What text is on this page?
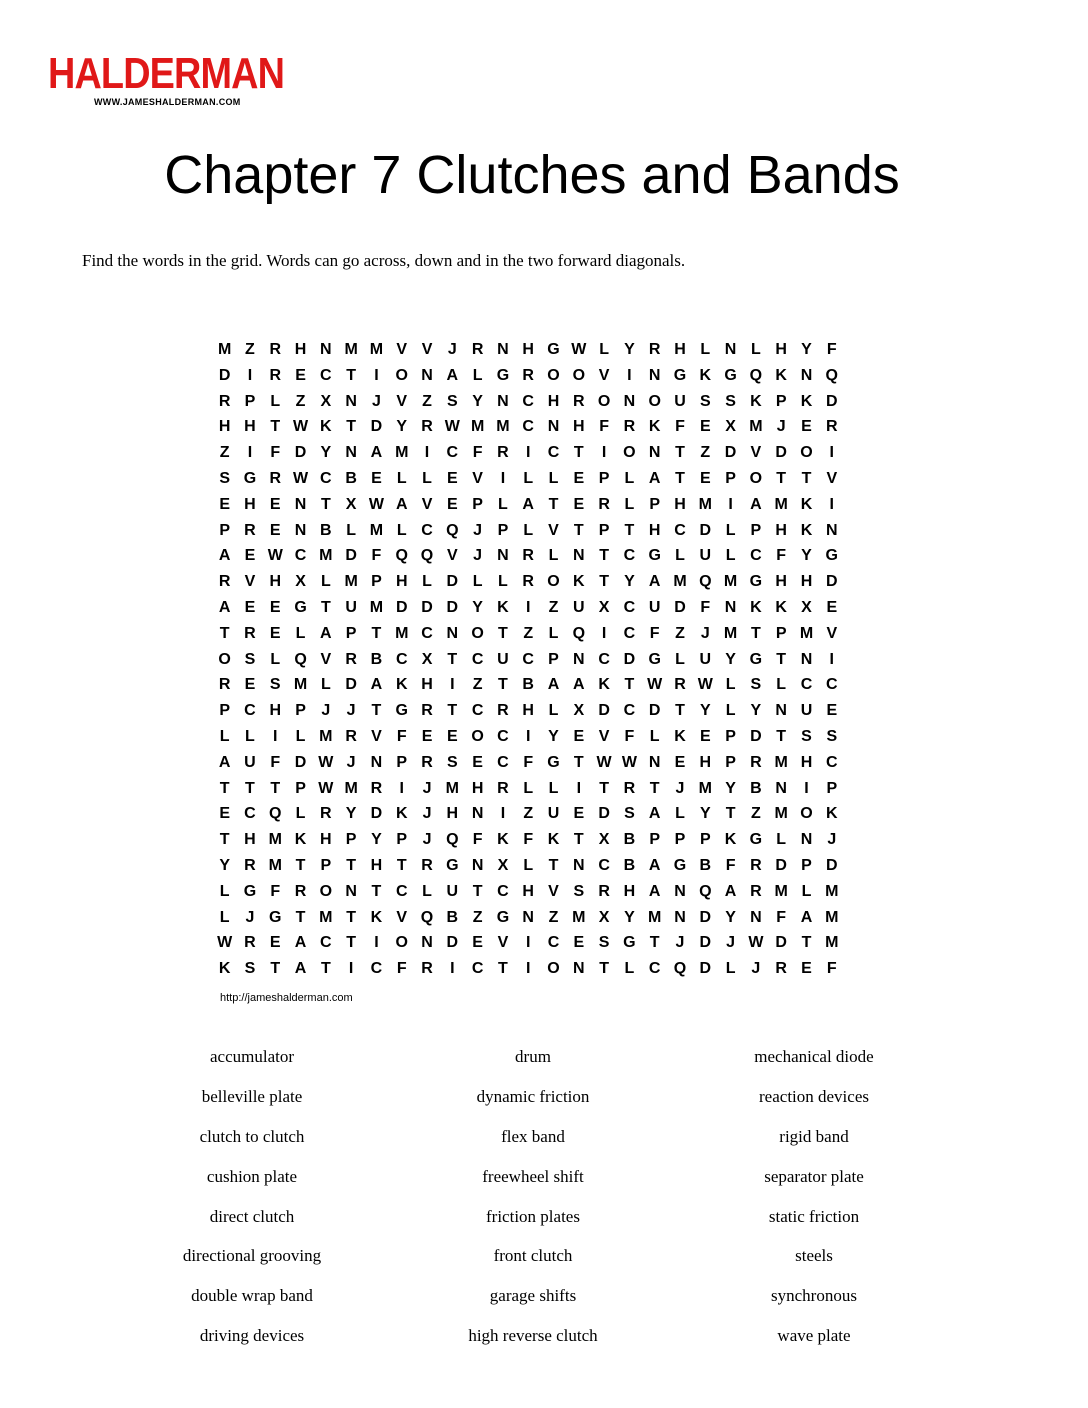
HALDERMAN
WWW.JAMESHALDERMAN.COM
Chapter 7 Clutches and Bands
Find the words in the grid. Words can go across, down and in the two forward diagonals.
M Z R H N M M V V J R N H G W L Y R H L N L H Y F
D	I	R E C T	I	O N A L G R O O V	I	N G K G Q K N Q
R P L Z X N J V Z S Y N C H R O N O U S S K P K D
H H T W K T D Y R W M M C N H F R K F E X M J E R
Z	I	F D Y N A M	I	C F R	I	C T	I	O N T Z D V D O	I
S G R W C B E L L E V	I	L L E P L A T E P O T T V
E H E N T X W A V E P L A T E R L P H M	I	A M K	I
P R E N B L M L C Q J P L V T P T H C D L P H K N
A E W C M D F Q Q V J N R L N T C G L U L C F Y G
R V H X L M P H L D L L R O K T Y A M Q M G H H D
A E E G T U M D D D Y K	I	Z U X C U D F N K K X E
T R E L A P T M C N O T Z L Q	I	C F Z J M T P M V
O S L Q V R B C X T C U C P N C D G L U Y G T N	I
R E S M L D A K H	I	Z T B A A K T W R W L S L C C
P C H P J	J T G R T C R H L X D C D T Y L Y N U E
L L	I	L M R V F E E O C	I	Y E V F L K E P D T S S
A U F D W J N P R S E C F G T W W N E H P R M H C
T T T P W M R	I	J M H R L L	I	T R T J M Y B N	I	P
E C Q L R Y D K J H N	I	Z U E D S A L Y T Z M O K
T H M K H P Y P J Q F K F K T X B P P P K G L N J
Y R M T P T H T R G N X L T N C B A G B F R D P D
L G F R O N T C L U T C H V S R H A N Q A R M L M
L J G T M T K V Q B Z G N Z M X Y M N D Y N F A M
W R E A C T	I	O N D E V	I	C E S G T J D J W D T M
K S T A T	I	C F R	I	C T	I	O N T L C Q D L J R E F
http://jameshalderman.com
accumulator
belleville plate
clutch to clutch
cushion plate
direct clutch
directional grooving
double wrap band
driving devices
drum
dynamic friction
flex band
freewheel shift
friction plates
front clutch
garage shifts
high reverse clutch
mechanical diode
reaction devices
rigid band
separator plate
static friction
steels
synchronous
wave plate
